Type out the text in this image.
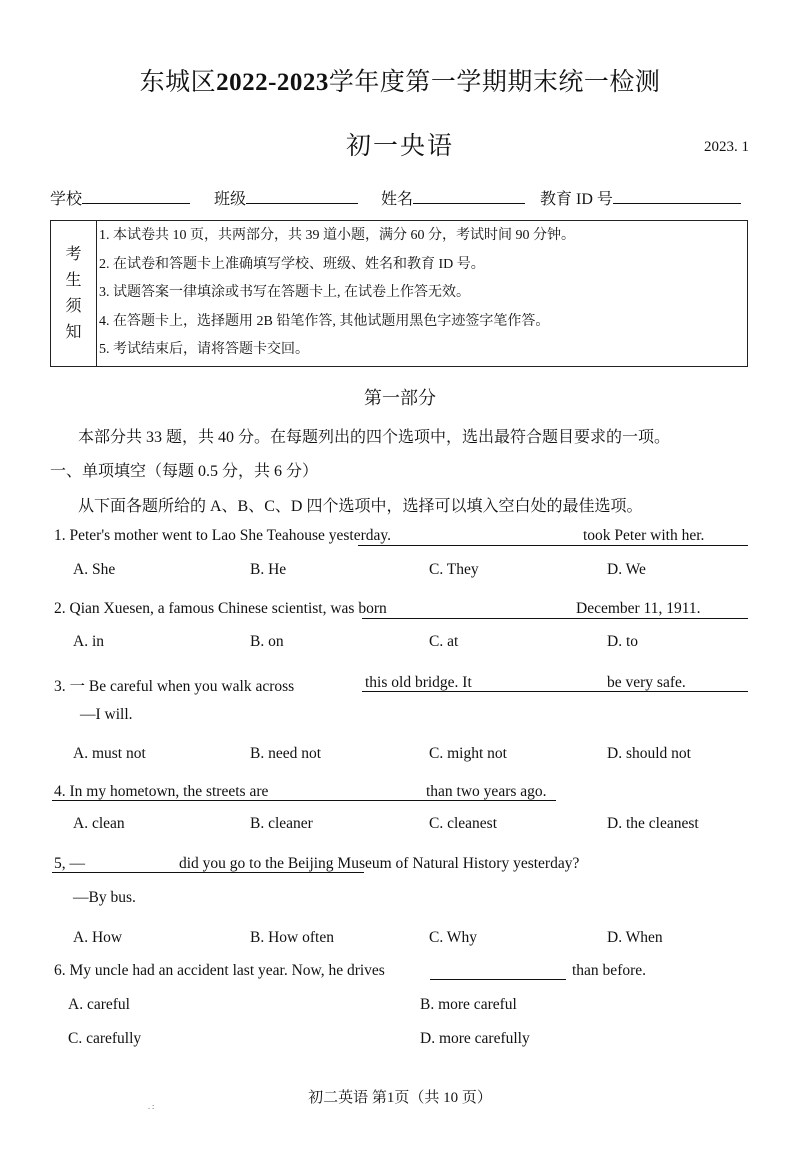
东城区2022-2023学年度第一学期期末统一检测
初一央语	2023. 1
学校	班级	姓名	教育 ID 号
考
生
须
知
1. 本试卷共 10 页，共两部分，共 39 道小题，满分 60 分，考试时间 90 分钟。
2. 在试卷和答题卡上准确填写学校、班级、姓名和教育 ID 号。
3. 试题答案一律填涂或书写在答题卡上, 在试卷上作答无效。
4. 在答题卡上，选择题用 2B 铅笔作答, 其他试题用黑色字迹签字笔作答。
5. 考试结束后，请将答题卡交回。
第一部分
本部分共 33 题，共 40 分。在每题列出的四个选项中，选出最符合题目要求的一项。
一、单项填空（每题 0.5 分，共 6 分）
从下面各题所给的 A、B、C、D 四个选项中，选择可以填入空白处的最佳选项。
1. Peter's mother went to Lao She Teahouse yesterday.	took Peter with her.
A. She	B. He	C. They	D. We
2. Qian Xuesen, a famous Chinese scientist, was born	December 11, 1911.
A. in	B. on	C. at	D. to
3. 一 Be careful when you walk across	this old bridge. It	be very safe.
—I will.
A. must not	B. need not	C. might not	D. should not
4. In my hometown, the streets are	than two years ago.
A. clean	B. cleaner	C. cleanest	D. the cleanest
5, —	did you go to the Beijing Museum of Natural History yesterday?
—By bus.
A. How	B. How often	C. Why	D. When
6. My uncle had an accident last year. Now, he drives	than before.
A. careful	B. more careful
C. carefully	D. more carefully
初二英语 第1页（共 10 页）
. :
